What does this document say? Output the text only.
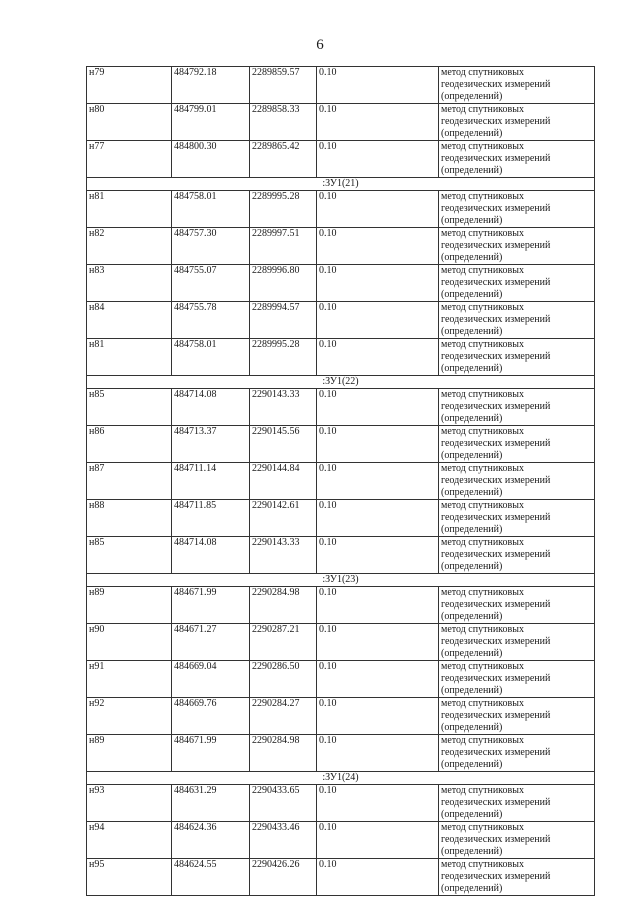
6
н79	484792.18	2289859.57	0.10	метод спутниковых
геодезических измерений
(определений)

н80	484799.01	2289858.33	0.10	метод спутниковых
геодезических измерений
(определений)

н77	484800.30	2289865.42	0.10	метод спутниковых
геодезических измерений
(определений)

:ЗУ1(21)				
н81	484758.01	2289995.28	0.10	метод спутниковых
геодезических измерений
(определений)

н82	484757.30	2289997.51	0.10	метод спутниковых
геодезических измерений
(определений)

н83	484755.07	2289996.80	0.10	метод спутниковых
геодезических измерений
(определений)

н84	484755.78	2289994.57	0.10	метод спутниковых
геодезических измерений
(определений)

н81	484758.01	2289995.28	0.10	метод спутниковых
геодезических измерений
(определений)

:ЗУ1(22)				
н85	484714.08	2290143.33	0.10	метод спутниковых
геодезических измерений
(определений)

н86	484713.37	2290145.56	0.10	метод спутниковых
геодезических измерений
(определений)

н87	484711.14	2290144.84	0.10	метод спутниковых
геодезических измерений
(определений)

н88	484711.85	2290142.61	0.10	метод спутниковых
геодезических измерений
(определений)

н85	484714.08	2290143.33	0.10	метод спутниковых
геодезических измерений
(определений)

:ЗУ1(23)				
н89	484671.99	2290284.98	0.10	метод спутниковых
геодезических измерений
(определений)

н90	484671.27	2290287.21	0.10	метод спутниковых
геодезических измерений
(определений)

н91	484669.04	2290286.50	0.10	метод спутниковых
геодезических измерений
(определений)

н92	484669.76	2290284.27	0.10	метод спутниковых
геодезических измерений
(определений)

н89	484671.99	2290284.98	0.10	метод спутниковых
геодезических измерений
(определений)

:ЗУ1(24)				
н93	484631.29	2290433.65	0.10	метод спутниковых
геодезических измерений
(определений)

н94	484624.36	2290433.46	0.10	метод спутниковых
геодезических измерений
(определений)

н95	484624.55	2290426.26	0.10	метод спутниковых
геодезических измерений
(определений)
